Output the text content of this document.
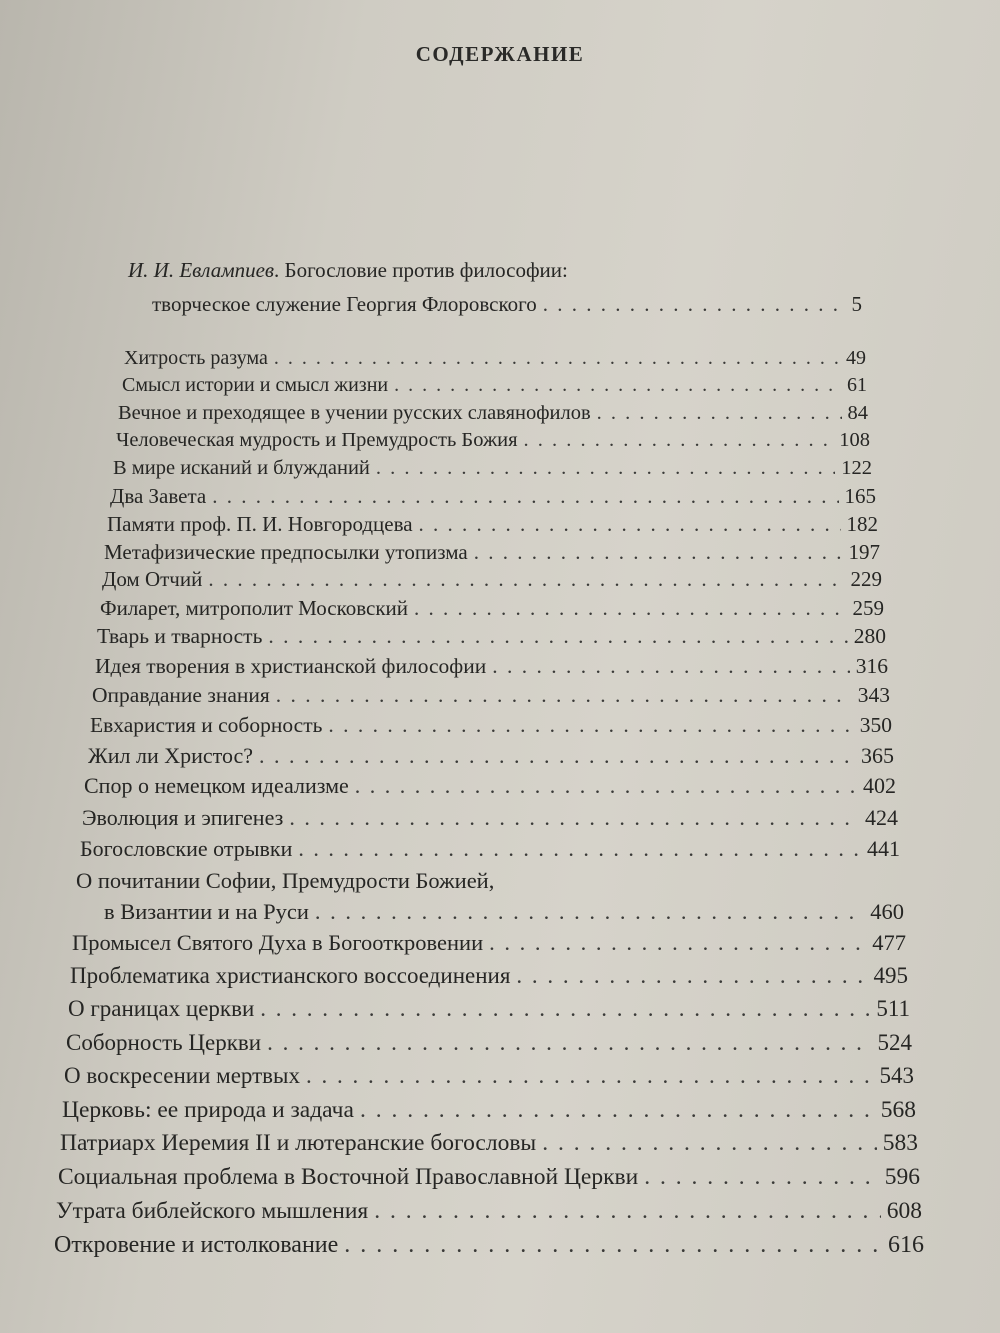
СОДЕРЖАНИЕ
И. И. Евлампиев. Богословие против философии:
творческое служение Георгия Флоровского . . .	5
Хитрость разума . . .	49
Смысл истории и смысл жизни . . .	61
Вечное и преходящее в учении русских славянофилов . . .	84
Человеческая мудрость и Премудрость Божия . . .	108
В мире исканий и блужданий . . .	122
Два Завета . . .	165
Памяти проф. П. И. Новгородцева . . .	182
Метафизические предпосылки утопизма . . .	197
Дом Отчий . . .	229
Филарет, митрополит Московский . . .	259
Тварь и тварность . . .	280
Идея творения в христианской философии . . .	316
Оправдание знания . . .	343
Евхаристия и соборность . . .	350
Жил ли Христос? . . .	365
Спор о немецком идеализме . . .	402
Эволюция и эпигенез . . .	424
Богословские отрывки . . .	441
О почитании Софии, Премудрости Божией,
в Византии и на Руси . . .	460
Промысел Святого Духа в Богооткровении . . .	477
Проблематика христианского воссоединения . . .	495
О границах церкви . . .	511
Соборность Церкви . . .	524
О воскресении мертвых . . .	543
Церковь: ее природа и задача . . .	568
Патриарх Иеремия II и лютеранские богословы . . .	583
Социальная проблема в Восточной Православной Церкви . . .	596
Утрата библейского мышления . . .	608
Откровение и истолкование . . .	616
